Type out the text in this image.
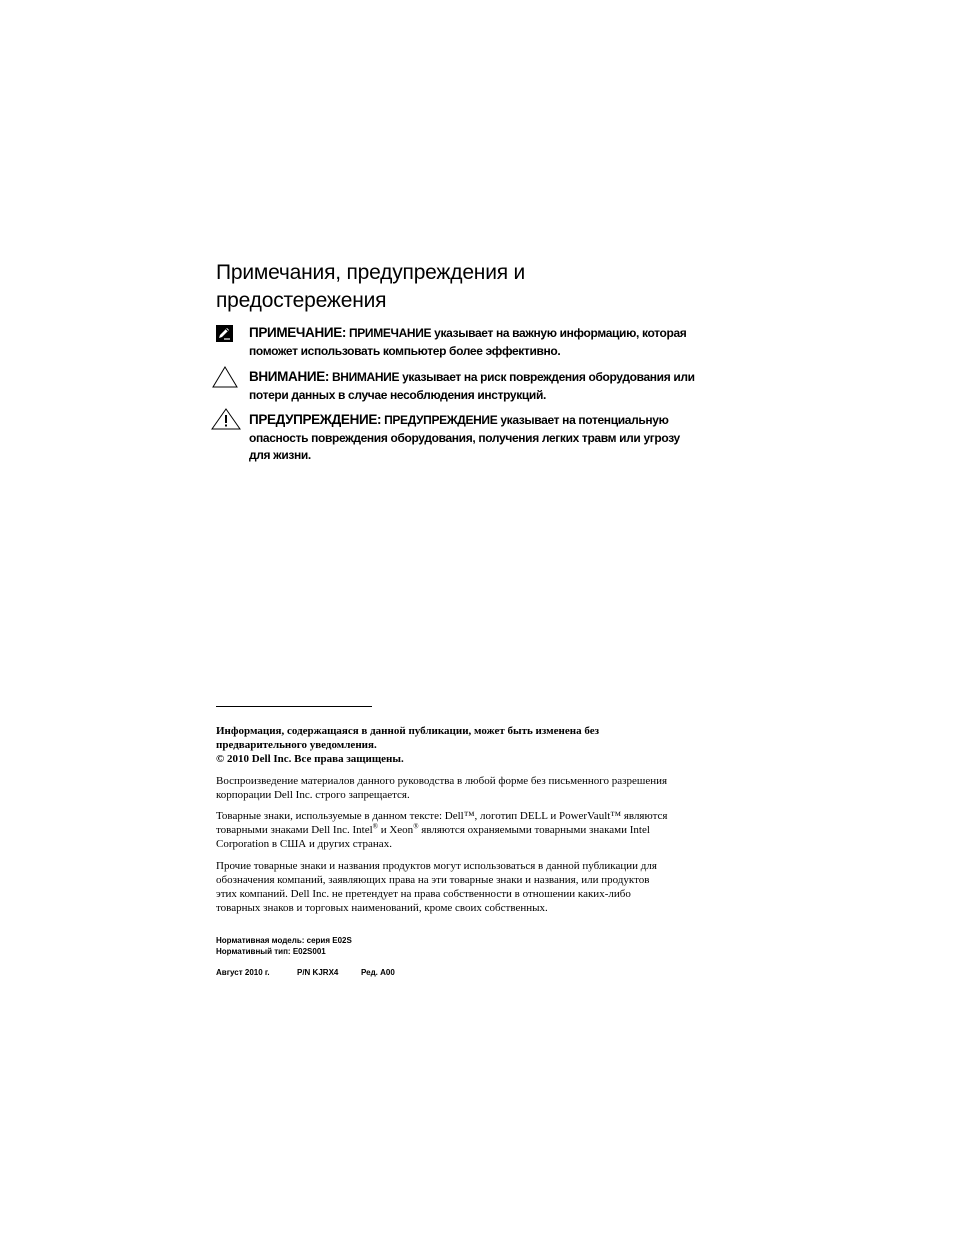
Примечания, предупреждения и
предостережения
ПРИМЕЧАНИЕ: ПРИМЕЧАНИЕ указывает на важную информацию, которая
поможет использовать компьютер более эффективно.
ВНИМАНИЕ: ВНИМАНИЕ указывает на риск повреждения оборудования или
потери данных в случае несоблюдения инструкций.
ПРЕДУПРЕЖДЕНИЕ: ПРЕДУПРЕЖДЕНИЕ указывает на потенциальную
опасность повреждения оборудования, получения легких травм или угрозу
для жизни.

Информация, содержащаяся в данной публикации, может быть изменена без
предварительного уведомления.
© 2010 Dell Inc. Все права защищены.

Воспроизведение материалов данного руководства в любой форме без письменного разрешения
корпорации Dell Inc. строго запрещается.

Товарные знаки, используемые в данном тексте: Dell™, логотип DELL и PowerVault™ являются
товарными знаками Dell Inc. Intel® и Xeon® являются охраняемыми товарными знаками Intel
Corporation в США и других странах.

Прочие товарные знаки и названия продуктов могут использоваться в данной публикации для
обозначения компаний, заявляющих права на эти товарные знаки и названия, или продуктов
этих компаний. Dell Inc. не претендует на права собственности в отношении каких-либо
товарных знаков и торговых наименований, кроме своих собственных.

Нормативная модель: серия E02S
Нормативный тип: E02S001

Август 2010 г.	P/N KJRX4	Ред. A00
